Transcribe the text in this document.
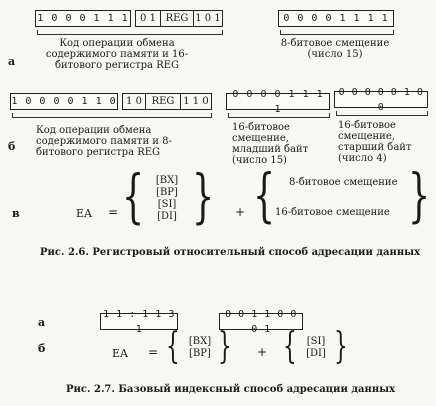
а
1 0 0 0 1 1 1	0 1 REG 1 0 1	0 0 0 0 1 1 1 1
Код операции обмена содержимого памяти и 16-битового регистра REG
8-битовое смещение (число 15)
б
1 0 0 0 0 1 1 0 1 0 REG 1 1 0
0 0 0 0 1 1 1 1
0 0 0 0 0 1 0 0
Код операции обмена содержимого памяти и 8-битового регистра REG
16-битовое смещение, младший байт (число 15)
16-битовое смещение, старший байт (число 4)
в	EA = {	[BX]
[BP]
[SI]
[DI] } + { 8-битовое смещение
16-битовое смещение }
Рис. 2.6. Регистровый относительный способ адресации данных
а
1 1 : 1 1 3 1
0 0 1 1 0 0 0 1
б	EA = { [BX]
[BP] } + { [SI]
[DI] }
Рис. 2.7. Базовый индексный способ адресации данных
